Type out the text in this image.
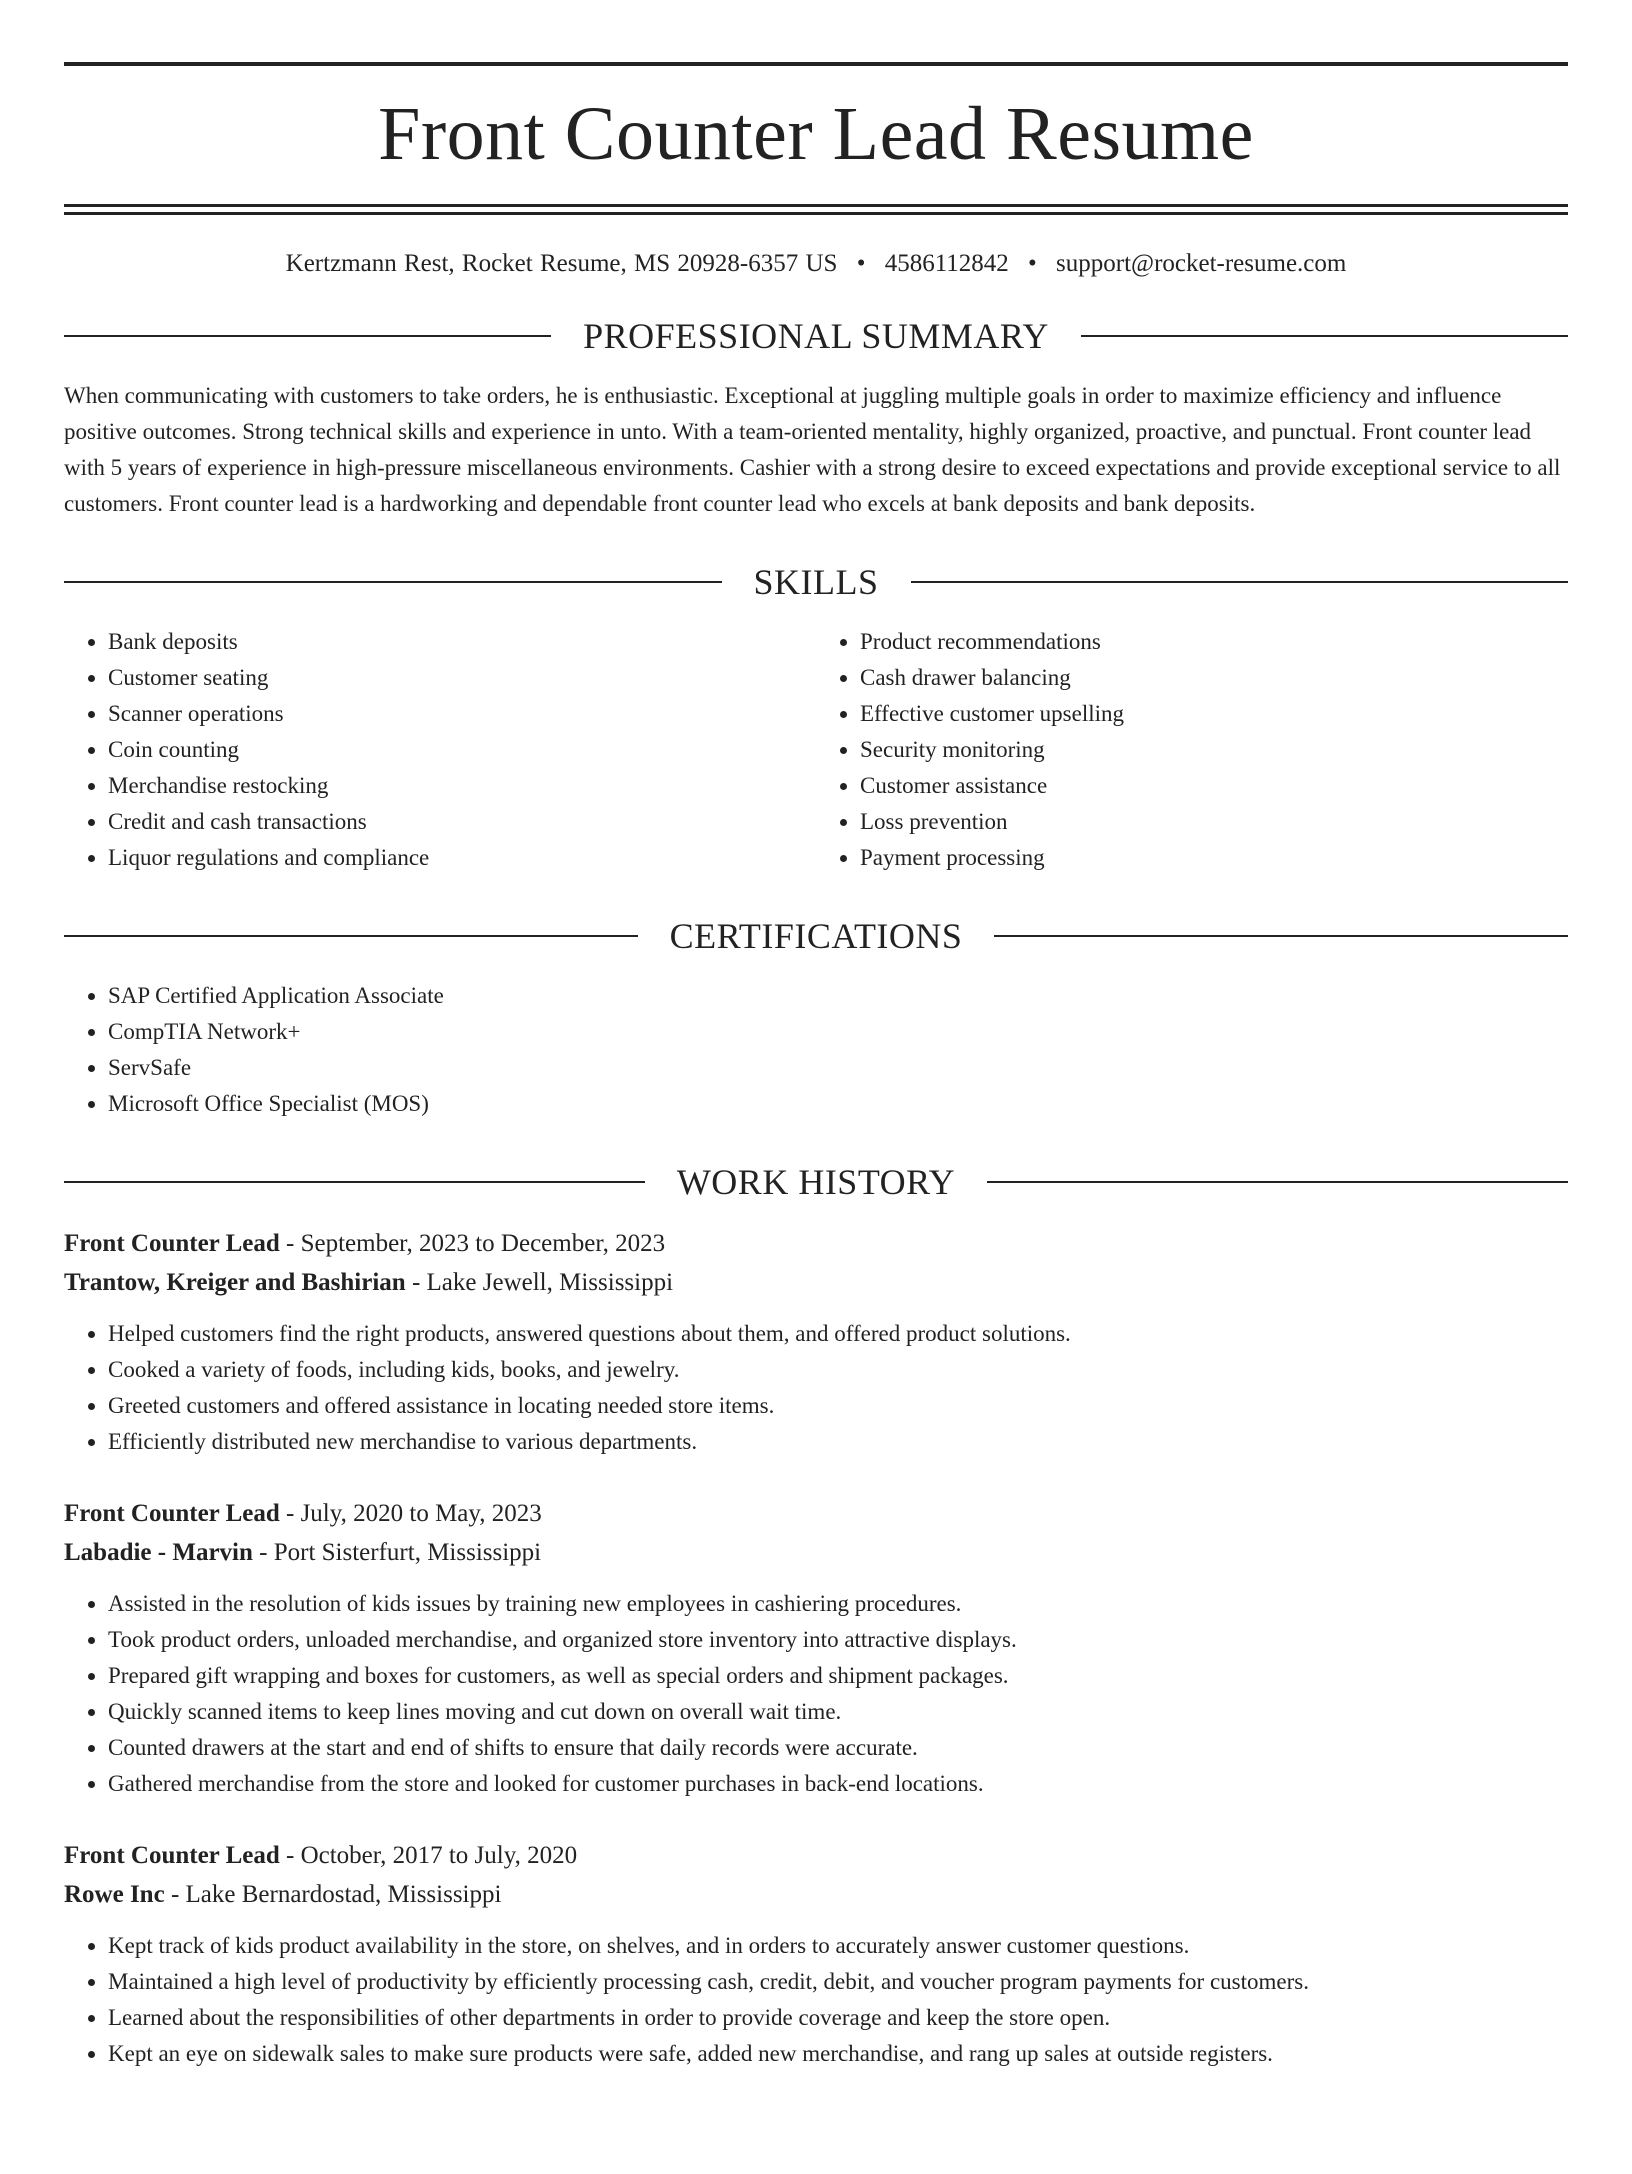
Front Counter Lead Resume
Kertzmann Rest, Rocket Resume, MS 20928-6357 US • 4586112842 • support@rocket-resume.com
PROFESSIONAL SUMMARY
When communicating with customers to take orders, he is enthusiastic. Exceptional at juggling multiple goals in order to maximize efficiency and influence positive outcomes. Strong technical skills and experience in unto. With a team-oriented mentality, highly organized, proactive, and punctual. Front counter lead with 5 years of experience in high-pressure miscellaneous environments. Cashier with a strong desire to exceed expectations and provide exceptional service to all customers. Front counter lead is a hardworking and dependable front counter lead who excels at bank deposits and bank deposits.
SKILLS
• Bank deposits
• Customer seating
• Scanner operations
• Coin counting
• Merchandise restocking
• Credit and cash transactions
• Liquor regulations and compliance
• Product recommendations
• Cash drawer balancing
• Effective customer upselling
• Security monitoring
• Customer assistance
• Loss prevention
• Payment processing
CERTIFICATIONS
• SAP Certified Application Associate
• CompTIA Network+
• ServSafe
• Microsoft Office Specialist (MOS)
WORK HISTORY
Front Counter Lead - September, 2023 to December, 2023
Trantow, Kreiger and Bashirian - Lake Jewell, Mississippi
• Helped customers find the right products, answered questions about them, and offered product solutions.
• Cooked a variety of foods, including kids, books, and jewelry.
• Greeted customers and offered assistance in locating needed store items.
• Efficiently distributed new merchandise to various departments.
Front Counter Lead - July, 2020 to May, 2023
Labadie - Marvin - Port Sisterfurt, Mississippi
• Assisted in the resolution of kids issues by training new employees in cashiering procedures.
• Took product orders, unloaded merchandise, and organized store inventory into attractive displays.
• Prepared gift wrapping and boxes for customers, as well as special orders and shipment packages.
• Quickly scanned items to keep lines moving and cut down on overall wait time.
• Counted drawers at the start and end of shifts to ensure that daily records were accurate.
• Gathered merchandise from the store and looked for customer purchases in back-end locations.
Front Counter Lead - October, 2017 to July, 2020
Rowe Inc - Lake Bernardostad, Mississippi
• Kept track of kids product availability in the store, on shelves, and in orders to accurately answer customer questions.
• Maintained a high level of productivity by efficiently processing cash, credit, debit, and voucher program payments for customers.
• Learned about the responsibilities of other departments in order to provide coverage and keep the store open.
• Kept an eye on sidewalk sales to make sure products were safe, added new merchandise, and rang up sales at outside registers.
